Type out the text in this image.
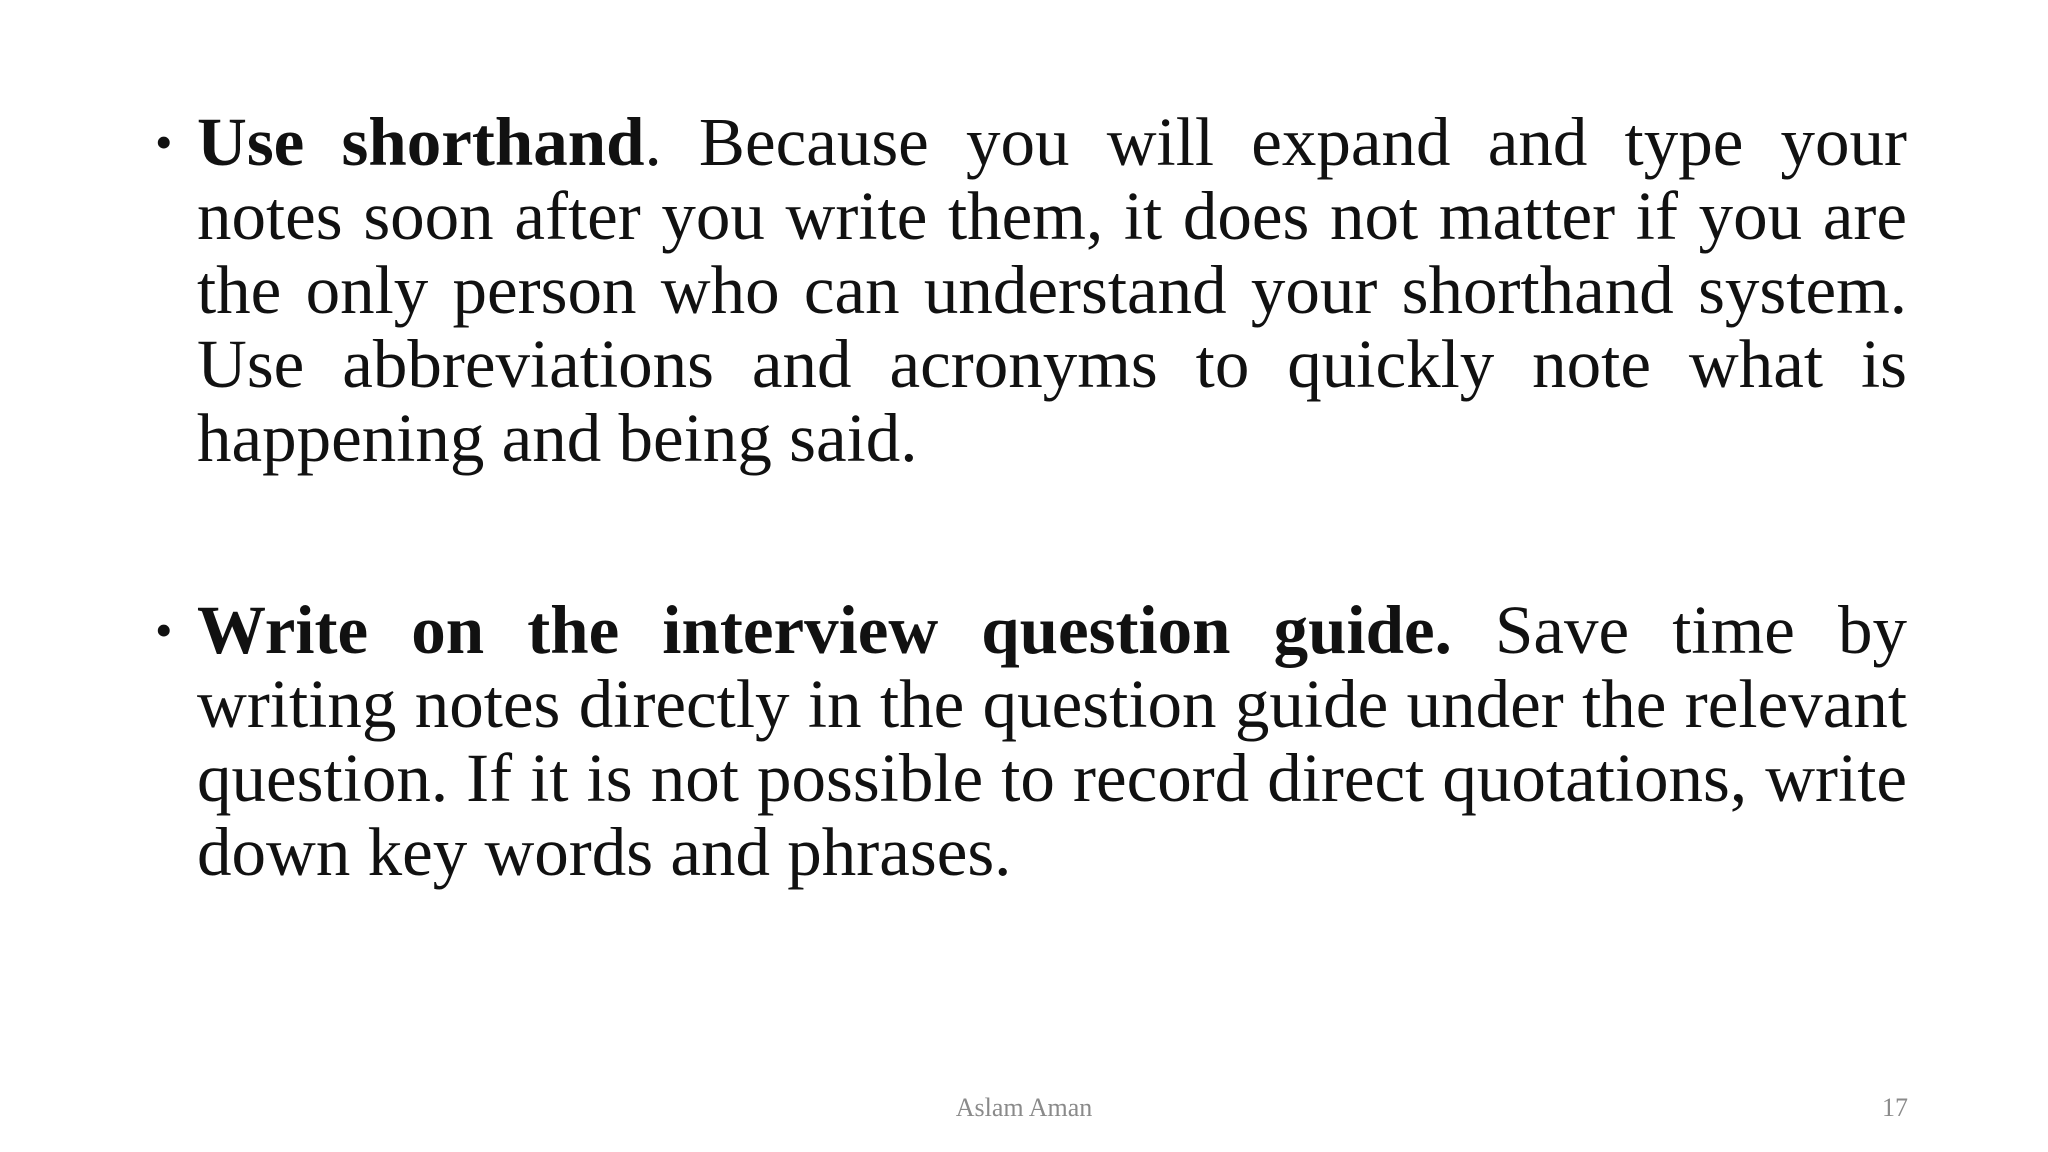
• Use shorthand. Because you will expand and type your notes soon after you write them, it does not matter if you are the only person who can understand your shorthand system. Use abbreviations and acronyms to quickly note what is happening and being said.
• Write on the interview question guide. Save time by writing notes directly in the question guide under the relevant question. If it is not possible to record direct quotations, write down key words and phrases.
Aslam Aman	17
